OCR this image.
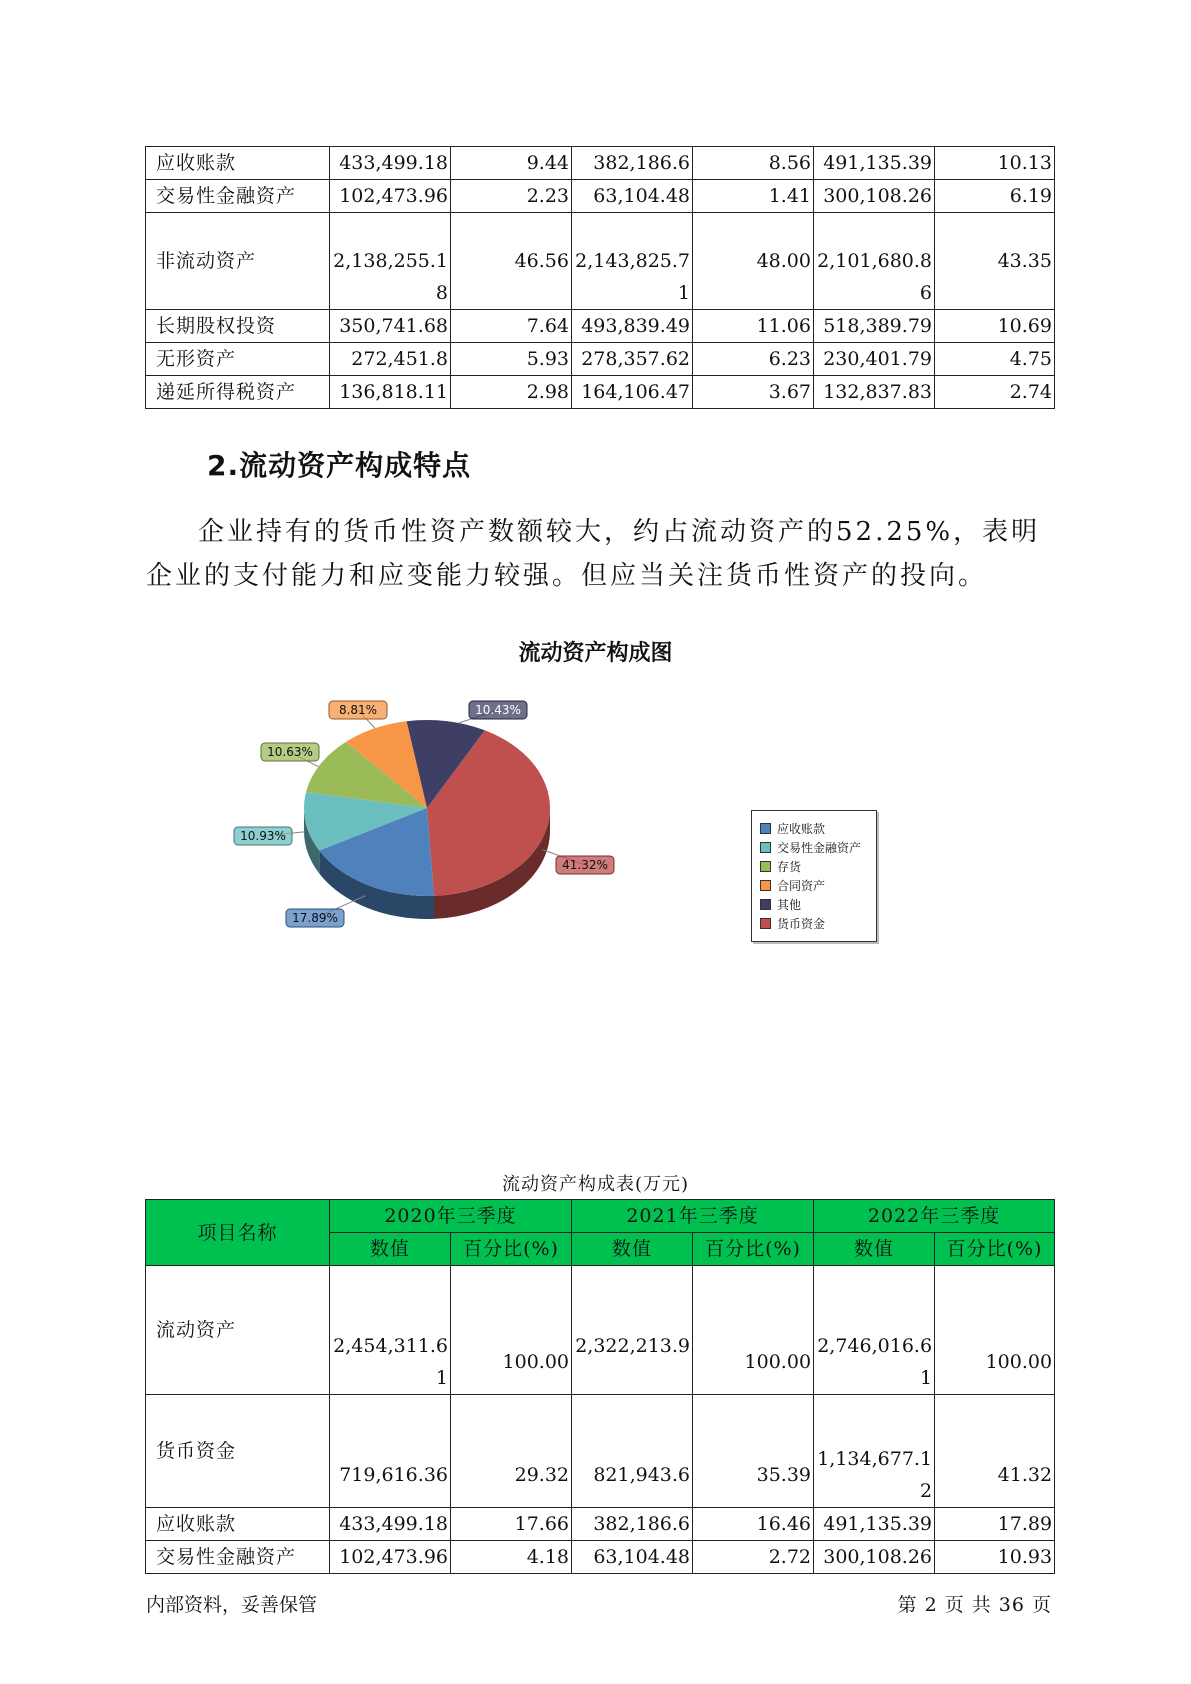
应收账款	433,499.18	9.44	382,186.6	8.56	491,135.39	10.13
交易性金融资产	102,473.96	2.23	63,104.48	1.41	300,108.26	6.19
非流动资产	2,138,255.18	46.56	2,143,825.71	48.00	2,101,680.86	43.35
长期股权投资	350,741.68	7.64	493,839.49	11.06	518,389.79	10.69
无形资产	272,451.8	5.93	278,357.62	6.23	230,401.79	4.75
递延所得税资产	136,818.11	2.98	164,106.47	3.67	132,837.83	2.74
2.流动资产构成特点
企业持有的货币性资产数额较大，约占流动资产的52.25%，表明企业的支付能力和应变能力较强。但应当关注货币性资产的投向。
流动资产构成图
41.32%
17.89%
10.93%
10.63%
8.81%	10.43%
应收账款
交易性金融资产
存货
合同资产
其他
货币资金
流动资产构成表(万元)
项目名称	2020年三季度		2021年三季度		2022年三季度	
	数值	百分比(%)	数值	百分比(%)	数值	百分比(%)
流动资产	2,454,311.61	100.00	2,322,213.9	100.00	2,746,016.61	100.00
货币资金	719,616.36	29.32	821,943.6	35.39	1,134,677.12	41.32
应收账款	433,499.18	17.66	382,186.6	16.46	491,135.39	17.89
交易性金融资产	102,473.96	4.18	63,104.48	2.72	300,108.26	10.93
内部资料，妥善保管	第 2 页 共 36 页
